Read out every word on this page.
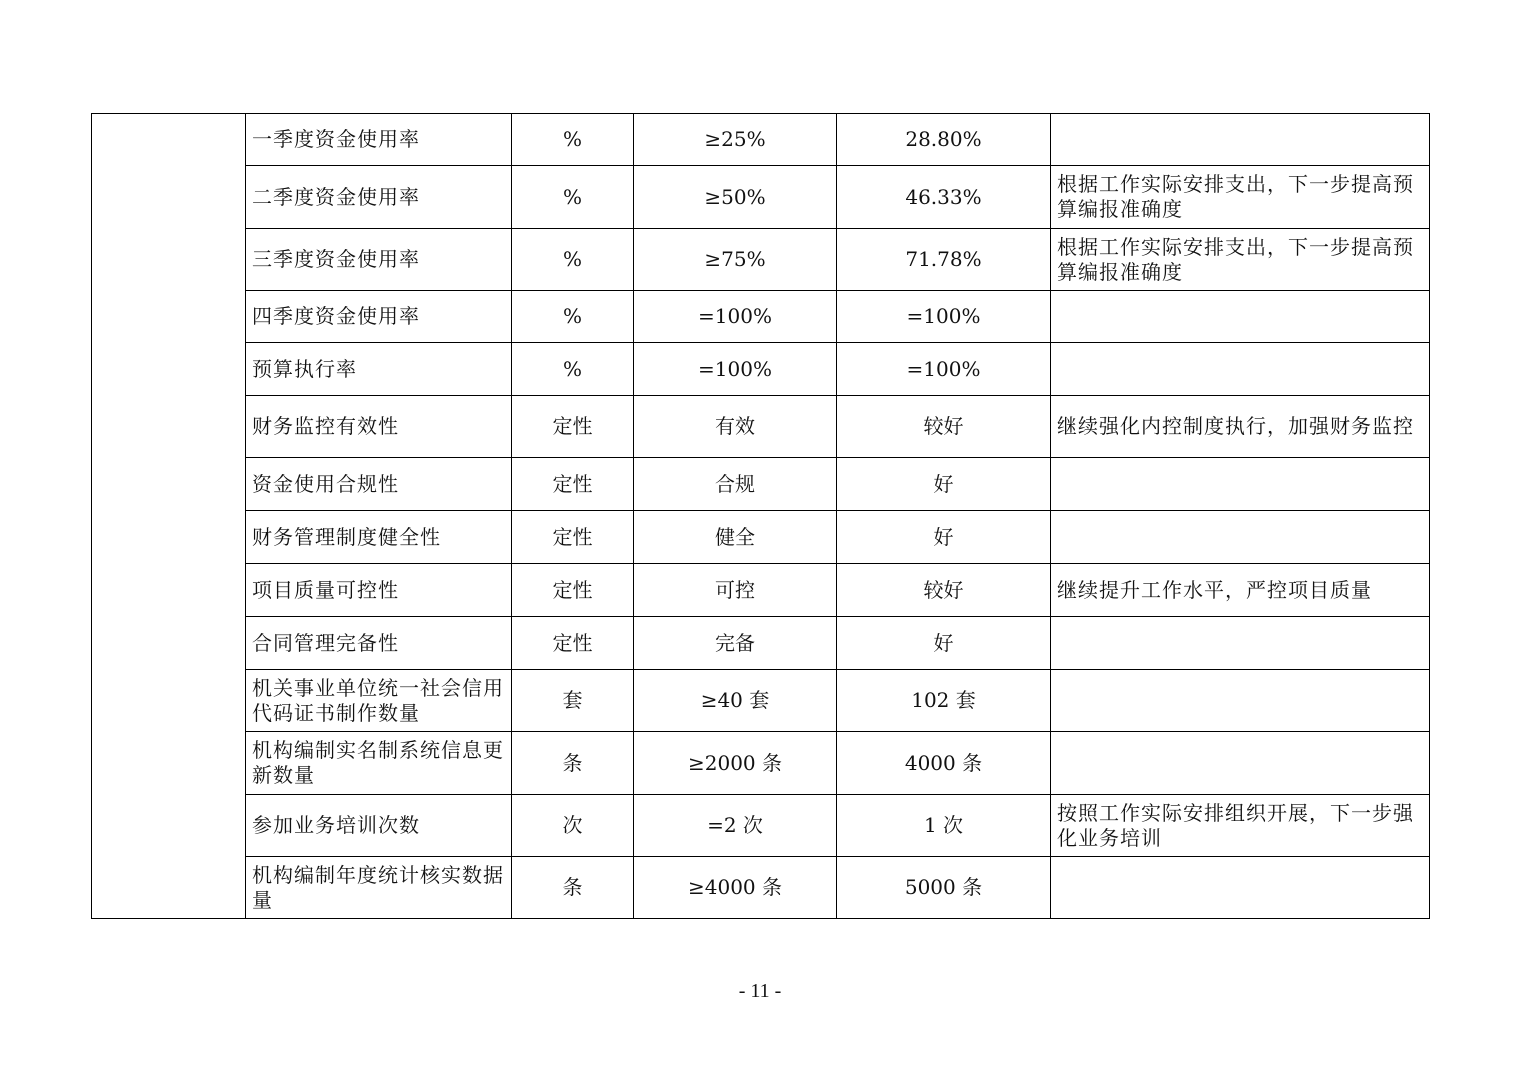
	一季度资金使用率	%	≥25%	28.80%	
	二季度资金使用率	%	≥50%	46.33%	根据工作实际安排支出，下一步提高预算编报准确度
	三季度资金使用率	%	≥75%	71.78%	根据工作实际安排支出，下一步提高预算编报准确度
	四季度资金使用率	%	=100%	=100%	
	预算执行率	%	=100%	=100%	
	财务监控有效性	定性	有效	较好	继续强化内控制度执行，加强财务监控
	资金使用合规性	定性	合规	好	
	财务管理制度健全性	定性	健全	好	
	项目质量可控性	定性	可控	较好	继续提升工作水平，严控项目质量
	合同管理完备性	定性	完备	好	
	机关事业单位统一社会信用代码证书制作数量	套	≥40 套	102 套	
	机构编制实名制系统信息更新数量	条	≥2000 条	4000 条	
	参加业务培训次数	次	=2 次	1 次	按照工作实际安排组织开展，下一步强化业务培训
	机构编制年度统计核实数据量	条	≥4000 条	5000 条	
- 11 -
